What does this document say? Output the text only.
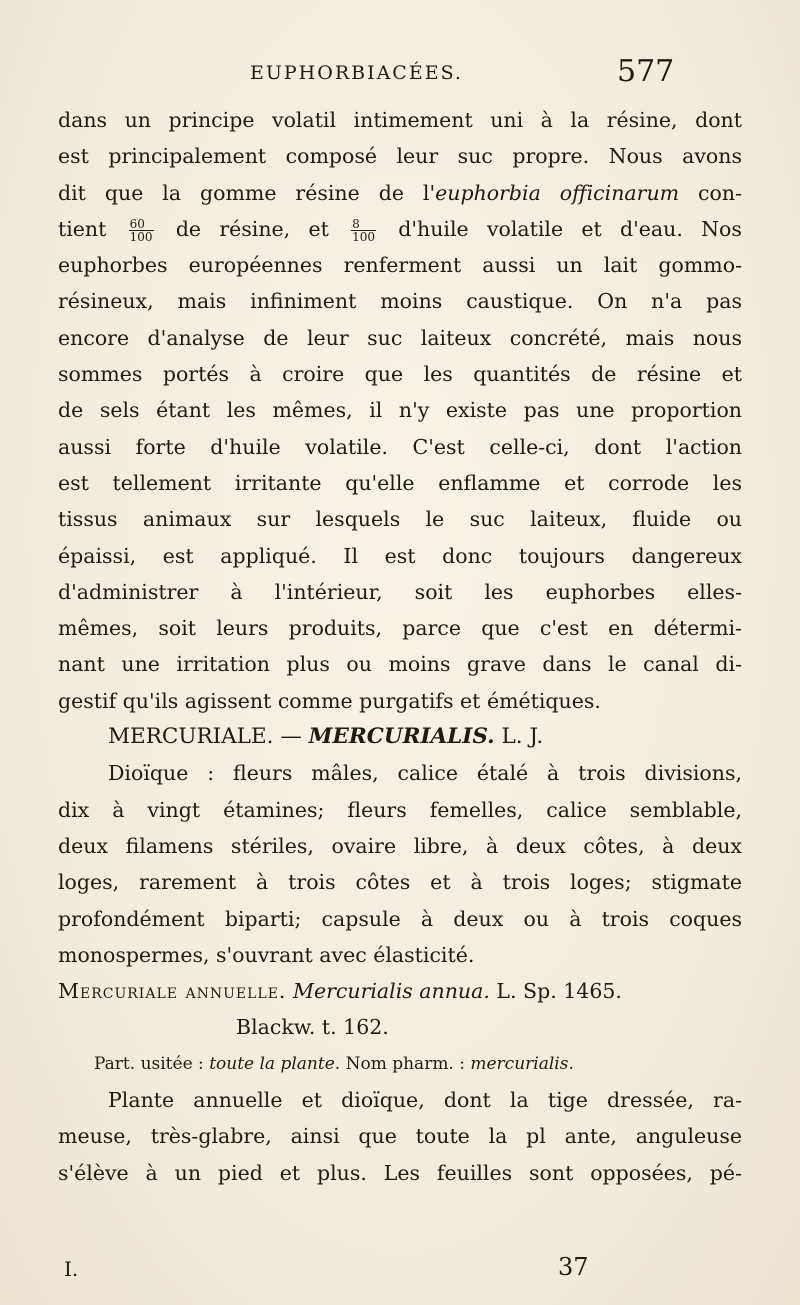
EUPHORBIACÉES.	577
dans un principe volatil intimement uni à la résine, dont
est principalement composé leur suc propre. Nous avons
dit que la gomme résine de l'euphorbia officinarum con-
tient $\frac{60}{100}$ de résine, et $\frac{8}{100}$ d'huile volatile et d'eau. Nos
euphorbes européennes renferment aussi un lait gommo-
résineux, mais infiniment moins caustique. On n'a pas
encore d'analyse de leur suc laiteux concrété, mais nous
sommes portés à croire que les quantités de résine et
de sels étant les mêmes, il n'y existe pas une proportion
aussi forte d'huile volatile. C'est celle-ci, dont l'action
est tellement irritante qu'elle enflamme et corrode les
tissus animaux sur lesquels le suc laiteux, fluide ou
épaissi, est appliqué. Il est donc toujours dangereux
d'administrer à l'intérieur, soit les euphorbes elles-
mêmes, soit leurs produits, parce que c'est en détermi-
nant une irritation plus ou moins grave dans le canal di-
gestif qu'ils agissent comme purgatifs et émétiques.
MERCURIALE. — MERCURIALIS. L. J.
Dioïque : fleurs mâles, calice étalé à trois divisions,
dix à vingt étamines; fleurs femelles, calice semblable,
deux filamens stériles, ovaire libre, à deux côtes, à deux
loges, rarement à trois côtes et à trois loges; stigmate
profondément biparti; capsule à deux ou à trois coques
monospermes, s'ouvrant avec élasticité.
Mercuriale annuelle. Mercurialis annua. L. Sp. 1465.
Blackw. t. 162.
Part. usitée : toute la plante. Nom pharm. : mercurialis.
Plante annuelle et dioïque, dont la tige dressée, ra-
meuse, très-glabre, ainsi que toute la pl ante, anguleuse
s'élève à un pied et plus. Les feuilles sont opposées, pé-
I.	37
